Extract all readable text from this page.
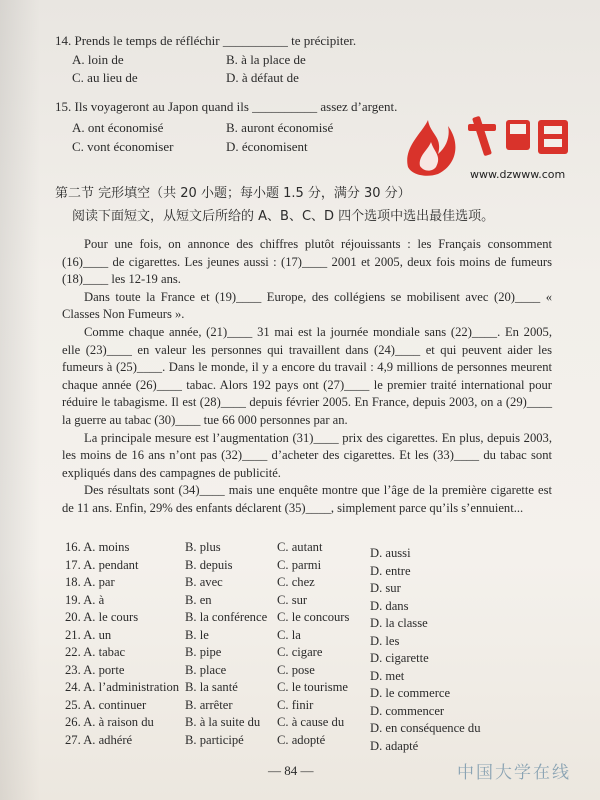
14. Prends le temps de réfléchir __________ te précipiter.
A. loin de	B. à la place de
C. au lieu de	D. à défaut de
15. Ils voyageront au Japon quand ils __________ assez d’argent.
A. ont économisé	B. auront économisé
C. vont économiser	D. économisent
www.dzwww.com
第二节 完形填空（共 20 小题；每小题 1.5 分，满分 30 分）
阅读下面短文，从短文后所给的 A、B、C、D 四个选项中选出最佳选项。

Pour une fois, on annonce des chiffres plutôt réjouissants : les Français consomment (16)____ de cigarettes. Les jeunes aussi : (17)____ 2001 et 2005, deux fois moins de fumeurs (18)____ les 12-19 ans.

Dans toute la France et (19)____ Europe, des collégiens se mobilisent avec (20)____ « Classes Non Fumeurs ».

Comme chaque année, (21)____ 31 mai est la journée mondiale sans (22)____. En 2005, elle (23)____ en valeur les personnes qui travaillent dans (24)____ et qui peuvent aider les fumeurs à (25)____. Dans le monde, il y a encore du travail : 4,9 millions de personnes meurent chaque année (26)____ tabac. Alors 192 pays ont (27)____ le premier traité international pour réduire le tabagisme. Il est (28)____ depuis février 2005. En France, depuis 2003, on a (29)____ la guerre au tabac (30)____ tue 66 000 personnes par an.

La principale mesure est l’augmentation (31)____ prix des cigarettes. En plus, depuis 2003, les moins de 16 ans n’ont pas (32)____ d’acheter des cigarettes. Et les (33)____ du tabac sont expliqués dans des campagnes de publicité.

Des résultats sont (34)____ mais une enquête montre que l’âge de la première cigarette est de 11 ans. Enfin, 29% des enfants déclarent (35)____, simplement parce qu’ils s’ennuient...

16. A. moins	B. plus	C. autant	D. aussi
17. A. pendant	B. depuis	C. parmi	D. entre
18. A. par	B. avec	C. chez	D. sur
19. A. à	B. en	C. sur	D. dans
20. A. le cours	B. la conférence C. le concours D. la classe
21. A. un	B. le	C. la	D. les
22. A. tabac	B. pipe	C. cigare	D. cigarette
23. A. porte	B. place	C. pose	D. met
24. A. l’administration B. la santé	C. le tourisme D. le commerce
25. A. continuer	B. arrêter	C. finir	D. commencer
26. A. à raison du B. à la suite du C. à cause du D. en conséquence du
27. A. adhéré	B. participé	C. adopté	D. adapté
— 84 —	中国大学在线
